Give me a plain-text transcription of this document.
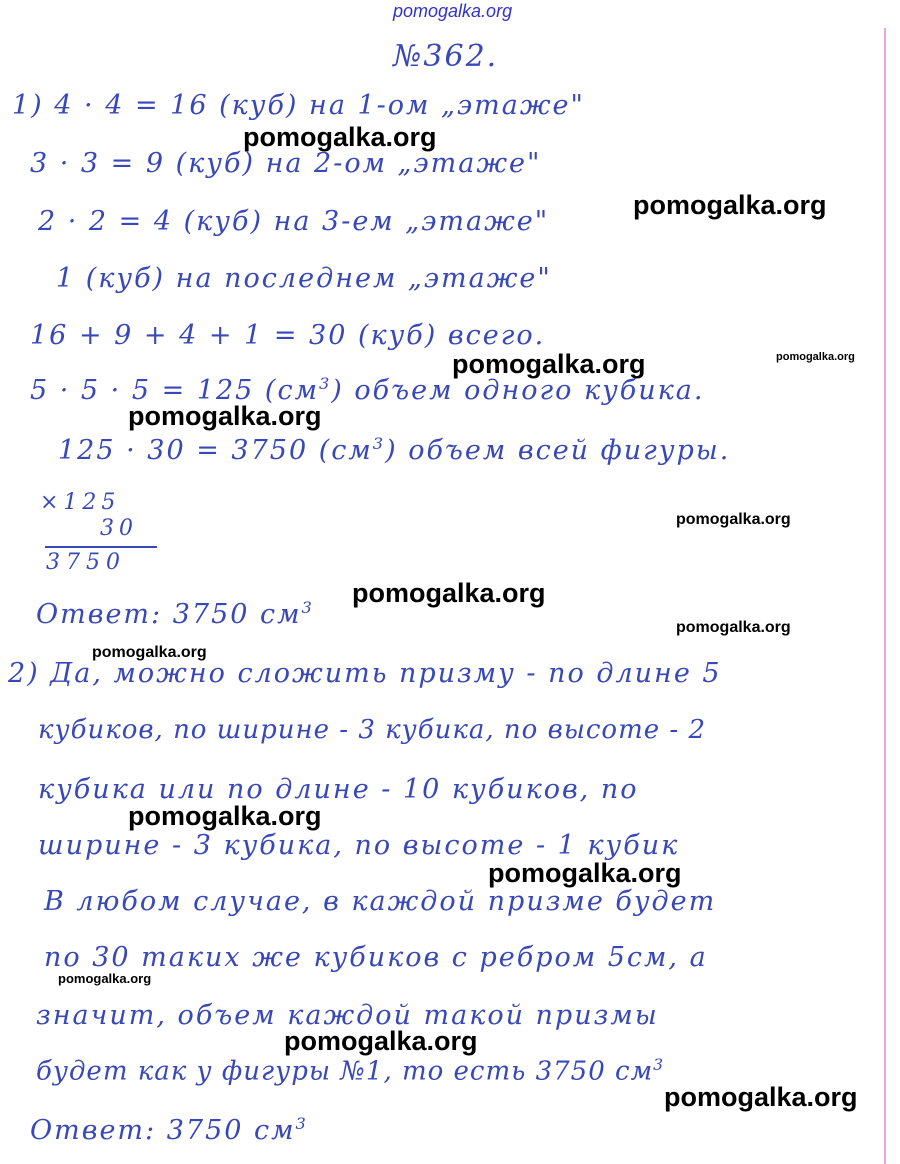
pomogalka.org
№362.
1) 4 · 4 = 16 (куб) на 1-ом „этаже"
3 · 3 = 9 (куб) на 2-ом „этаже"
2 · 2 = 4 (куб) на 3-ем „этаже"
1 (куб) на последнем „этаже"
16 + 9 + 4 + 1 = 30 (куб) всего.
5 · 5 · 5 = 125 $(см^3)$ объем одного кубика.
125 · 30 = 3750 $(см^3)$ объем всей фигуры.
×125
30
3750
Ответ: 3750 $см^3$
2) Да, можно сложить призму - по длине 5
кубиков, по ширине - 3 кубика, по высоте - 2
кубика или по длине - 10 кубиков, по
ширине - 3 кубика, по высоте - 1 кубик
В любом случае, в каждой призме будет
по 30 таких же кубиков с ребром 5см, а
значит, объем каждой такой призмы
будет как у фигуры №1, то есть 3750 $см^3$
Ответ: 3750 $см^3$
pomogalka.org
pomogalka.org
pomogalka.org	pomogalka.org
pomogalka.org
pomogalka.org
pomogalka.org
pomogalka.org
pomogalka.org
pomogalka.org
pomogalka.org
pomogalka.org
pomogalka.org
pomogalka.org
